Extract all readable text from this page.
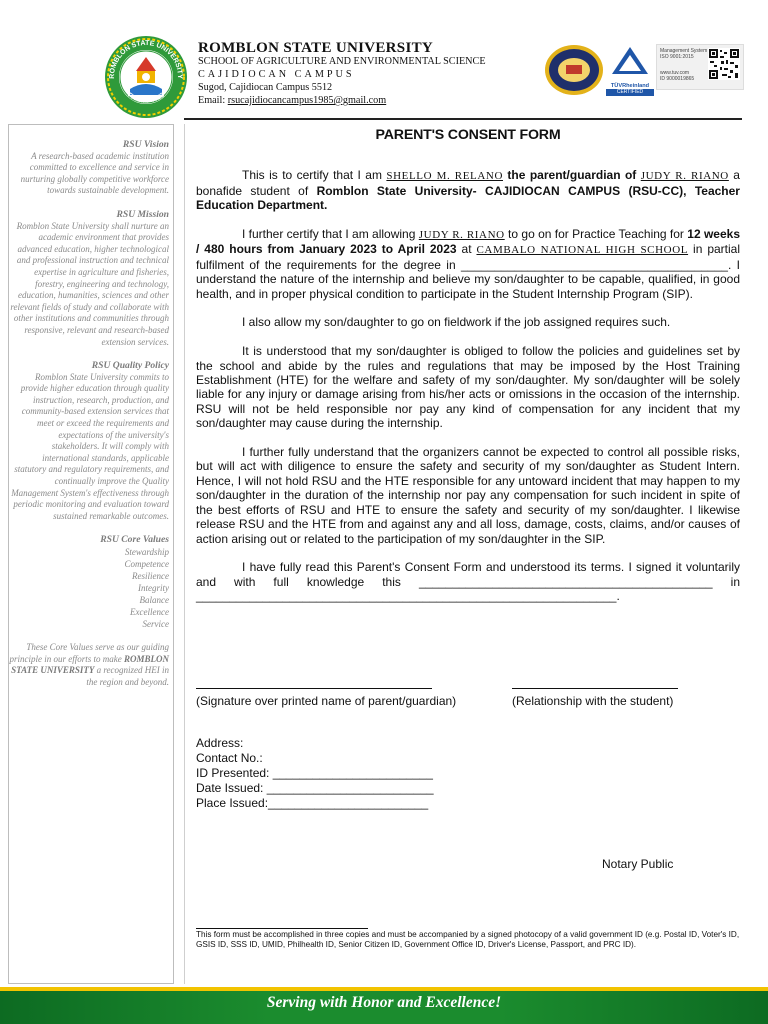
ROMBLON STATE UNIVERSITY
PHILIPPINES
ROMBLON STATE UNIVERSITY
SCHOOL OF AGRICULTURE AND ENVIRONMENTAL SCIENCE
CAJIDIOCAN CAMPUS
Sugod, Cajidiocan Campus 5512
Email: rsucajidiocancampus1985@gmail.com
TÜVRheinland
CERTIFIED
Management System ISO 9001:2015
www.tuv.com
ID 9000019865
RSU Vision
A research-based academic institution committed to excellence and service in nurturing globally competitive workforce towards sustainable development.
RSU Mission
Romblon State University shall nurture an academic environment that provides advanced education, higher technological and professional instruction and technical expertise in agriculture and fisheries, forestry, engineering and technology, education, humanities, sciences and other relevant fields of study and collaborate with other institutions and communities through responsive, relevant and research-based extension services.
RSU Quality Policy
Romblon State University commits to provide higher education through quality instruction, research, production, and community-based extension services that meet or exceed the requirements and expectations of the university's stakeholders. It will comply with international standards, applicable statutory and regulatory requirements, and continually improve the Quality Management System's effectiveness through periodic monitoring and evaluation toward sustained remarkable outcomes.
RSU Core Values
Stewardship
Competence
Resilience
Integrity
Balance
Excellence
Service
These Core Values serve as our guiding principle in our efforts to make ROMBLON STATE UNIVERSITY a recognized HEI in the region and beyond.
PARENT'S CONSENT FORM

This is to certify that I am SHELLO M. RELANO the parent/guardian of JUDY R. RIANO a bonafide student of Romblon State University- CAJIDIOCAN CAMPUS (RSU-CC), Teacher Education Department.

I further certify that I am allowing JUDY R. RIANO to go on for Practice Teaching for 12 weeks / 480 hours from January 2023 to April 2023 at CAMBALO NATIONAL HIGH SCHOOL in partial fulfilment of the requirements for the degree in ________________________________________. I understand the nature of the internship and believe my son/daughter to be capable, qualified, in good health, and in proper physical condition to participate in the Student Internship Program (SIP).

I also allow my son/daughter to go on fieldwork if the job assigned requires such.

It is understood that my son/daughter is obliged to follow the policies and guidelines set by the school and abide by the rules and regulations that may be imposed by the Host Training Establishment (HTE) for the welfare and safety of my son/daughter. My son/daughter will be solely liable for any injury or damage arising from his/her acts or omissions in the occasion of the internship. RSU will not be held responsible nor pay any kind of compensation for any incident that my son/daughter may cause during the internship.

I further fully understand that the organizers cannot be expected to control all possible risks, but will act with diligence to ensure the safety and security of my son/daughter as Student Intern. Hence, I will not hold RSU and the HTE responsible for any untoward incident that may happen to my son/daughter in the duration of the internship nor pay any compensation for such incident in spite of the best efforts of RSU and HTE to ensure the safety and security of my son/daughter. I likewise release RSU and the HTE from and against any and all loss, damage, costs, claims, and/or causes of action arising out or related to the participation of my son/daughter in the SIP.

I have fully read this Parent's Consent Form and understood its terms. I signed it voluntarily and with full knowledge this ____________________________________________ in _______________________________________________________________.

(Signature over printed name of parent/guardian)	(Relationship with the student)
Address:
Contact No.:
ID Presented: ________________________
Date Issued: _________________________
Place Issued:________________________
Notary Public
This form must be accomplished in three copies and must be accompanied by a signed photocopy of a valid government ID (e.g. Postal ID, Voter's ID, GSIS ID, SSS ID, UMID, Philhealth ID, Senior Citizen ID, Government Office ID, Driver's License, Passport, and PRC ID).
Serving with Honor and Excellence!
